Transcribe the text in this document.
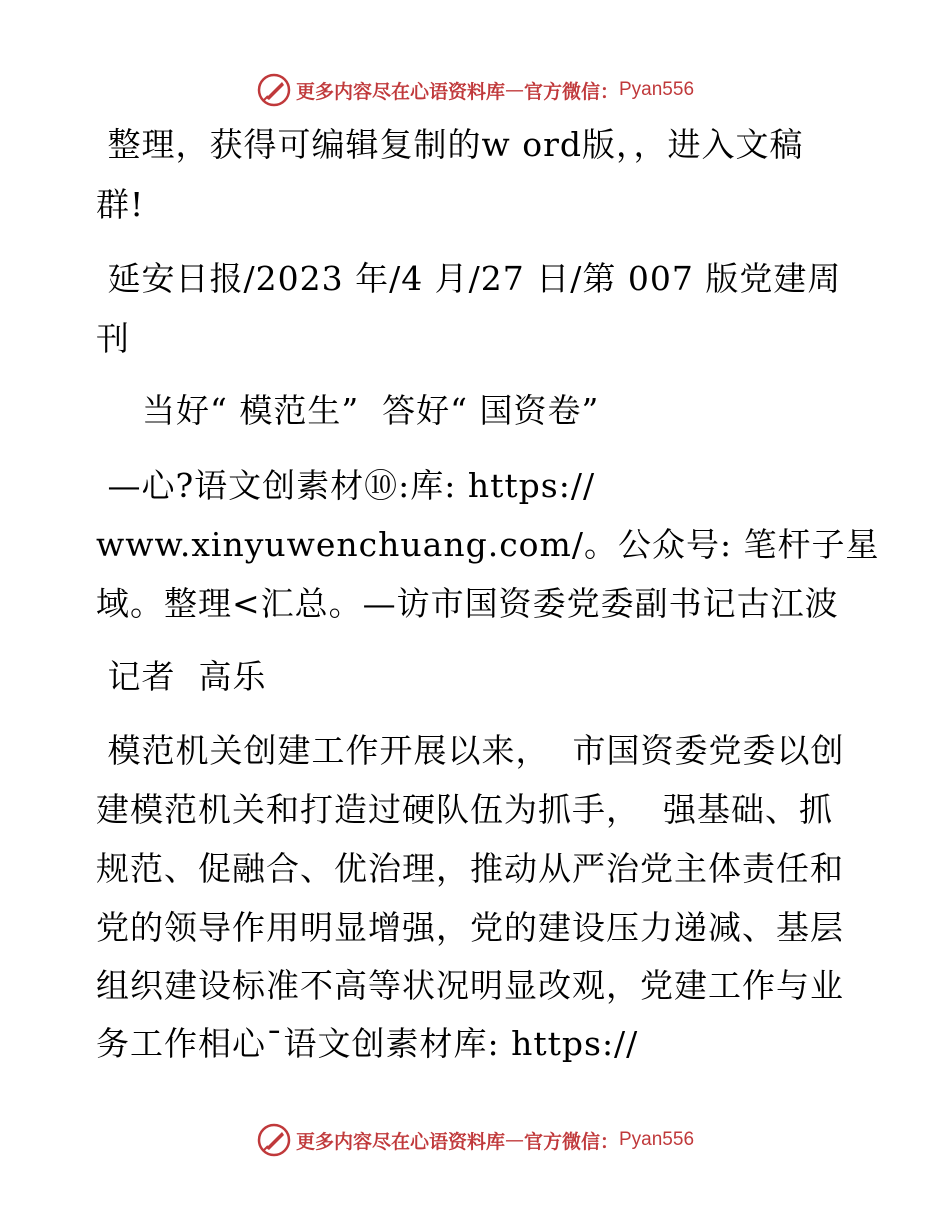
更多内容尽在心语资料库 — 官方微信： Pyan556
整理，获得可编辑复制的w ord版，，进入文稿
群!
延安日报/2023 年/4 月/27 日/第 007 版党建周
刊
当好“ 模范生”  答好“ 国资卷”
—心?语文创素材⑩:库: https://
www.xinyuwenchuang.com/。公众号: 笔杆子星
域。整理<汇总。—访市国资委党委副书记古江波
记者  高乐
模范机关创建工作开展以来，  市国资委党委以创
建模范机关和打造过硬队伍为抓手，  强基础、抓
规范、促融合、优治理，推动从严治党主体责任和
党的领导作用明显增强，党的建设压力递减、基层
组织建设标准不高等状况明显改观，党建工作与业
务工作相心¯语文创素材库: https://
更多内容尽在心语资料库 — 官方微信： Pyan556
